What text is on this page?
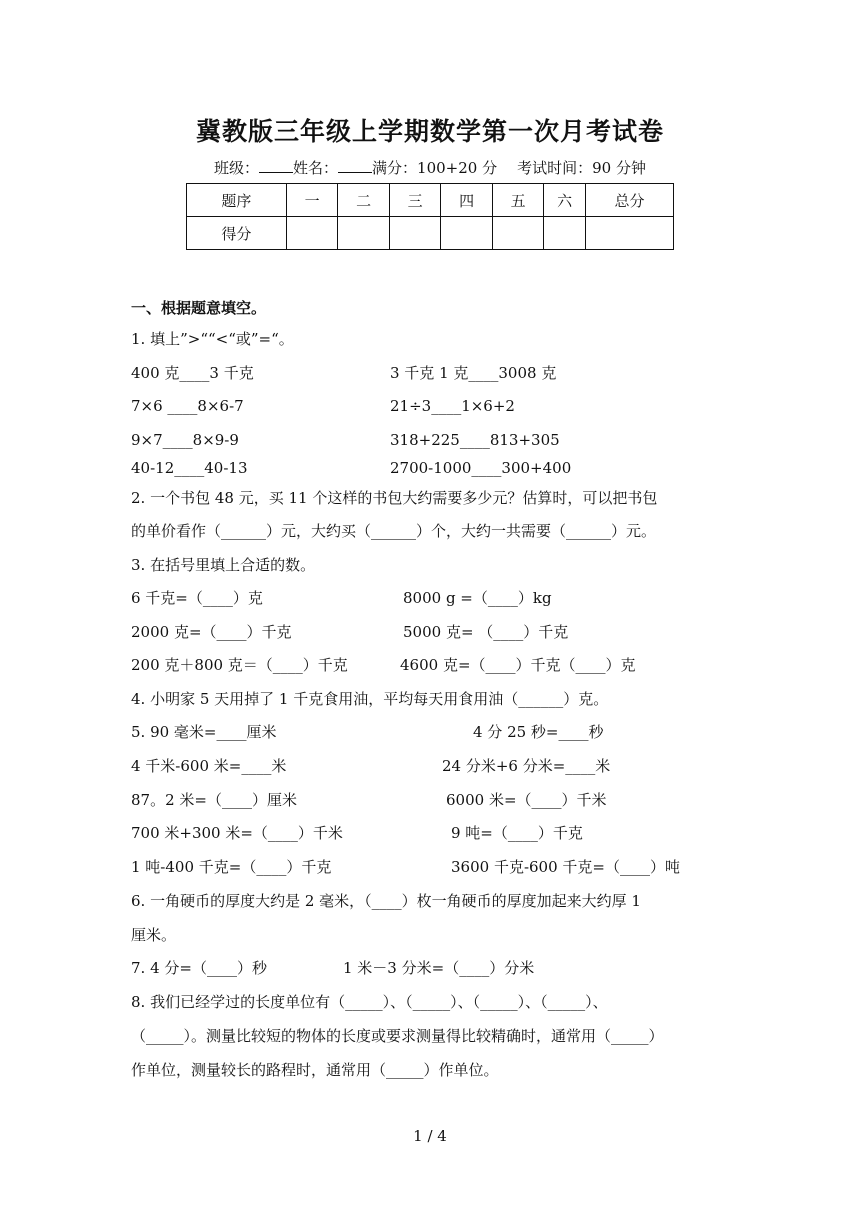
冀教版三年级上学期数学第一次月考试卷
班级： 姓名： 满分：100+20 分 考试时间：90 分钟
题序	一	二	三	四	五	六	总分
得分							
一、根据题意填空。
1. 填上”>““<“或”=“。
400 克____3 千克	3 千克 1 克____3008 克
7×6 ____8×6-7	21÷3____1×6+2
9×7____8×9-9	318+225____813+305
40-12____40-13	2700-1000____300+400
2. 一个书包 48 元，买 11 个这样的书包大约需要多少元？估算时，可以把书包
的单价看作（______）元，大约买（______）个，大约一共需要（______）元。
3. 在括号里填上合适的数。
6 千克=（____）克	8000 g =（____）kg
2000 克=（____）千克	5000 克= （____）千克
200 克＋800 克＝（____）千克	4600 克=（____）千克（____）克
4. 小明家 5 天用掉了 1 千克食用油，平均每天用食用油（______）克。
5. 90 毫米=____厘米	4 分 25 秒=____秒
4 千米-600 米=____米	24 分米+6 分米=____米
87。2 米=（____）厘米	6000 米=（____）千米
700 米+300 米=（____）千米	9 吨=（____）千克
1 吨-400 千克=（____）千克	3600 千克-600 千克=（____）吨
6. 一角硬币的厚度大约是 2 毫米，（____）枚一角硬币的厚度加起来大约厚 1
厘米。
7. 4 分=（____）秒	1 米－3 分米=（____）分米
8. 我们已经学过的长度单位有（_____）、（_____）、（_____）、（_____）、
（_____）。测量比较短的物体的长度或要求测量得比较精确时，通常用（_____）
作单位，测量较长的路程时，通常用（_____）作单位。
1 / 4
